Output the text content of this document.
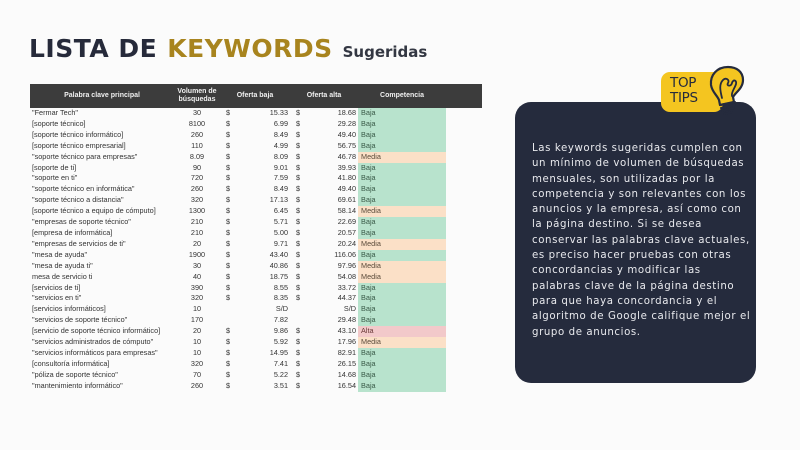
LISTA DE KEYWORDS Sugeridas
Palabra clave principal	Volumen de
búsquedas	Oferta baja		Oferta alta		Competencia	
"Fermar Tech"	30	$	15.33	$	18.68	Baja	
[soporte técnico]	8100	$	6.99	$	29.28	Baja	
[soporte técnico informático]	260	$	8.49	$	49.40	Baja	
[soporte técnico empresarial]	110	$	4.99	$	56.75	Baja	
"soporte técnico para empresas"	8.09	$	8.09	$	46.78	Media	
[soporte de ti]	90	$	9.01	$	39.93	Baja	
"soporte en ti"	720	$	7.59	$	41.80	Baja	
"soporte técnico en informática"	260	$	8.49	$	49.40	Baja	
"soporte técnico a distancia"	320	$	17.13	$	69.61	Baja	
[soporte técnico a equipo de cómputo]	1300	$	6.45	$	58.14	Media	
"empresas de soporte técnico"	210	$	5.71	$	22.69	Baja	
[empresa de informática]	210	$	5.00	$	20.57	Baja	
"empresas de servicios de ti"	20	$	9.71	$	20.24	Media	
"mesa de ayuda"	1900	$	43.40	$	116.06	Baja	
"mesa de ayuda ti"	30	$	40.86	$	97.96	Media	
mesa de servicio ti	40	$	18.75	$	54.08	Media	
[servicios de ti]	390	$	8.55	$	33.72	Baja	
"servicios en ti"	320	$	8.35	$	44.37	Baja	
[servicios informáticos]	10		S/D		S/D	Baja	
"servicios de soporte técnico"	170		7.82		29.48	Baja	
[servicio de soporte técnico informático]	20	$	9.86	$	43.10	Alta	
"servicios administrados de cómputo"	10	$	5.92	$	17.96	Media	
"servicios informáticos para empresas"	10	$	14.95	$	82.91	Baja	
[consultoría informática]	320	$	7.41	$	26.15	Baja	
"póliza de soporte técnico"	70	$	5.22	$	14.68	Baja	
"mantenimiento informático"	260	$	3.51	$	16.54	Baja	
Las keywords sugeridas cumplen con un mínimo de volumen de búsquedas mensuales, son utilizadas por la competencia y son relevantes con los anuncios y la empresa, así como con la página destino. Si se desea conservar las palabras clave actuales, es preciso hacer pruebas con otras concordancias y modificar las palabras clave de la página destino para que haya concordancia y el algoritmo de Google califique mejor el grupo de anuncios.
TOP
TIPS
